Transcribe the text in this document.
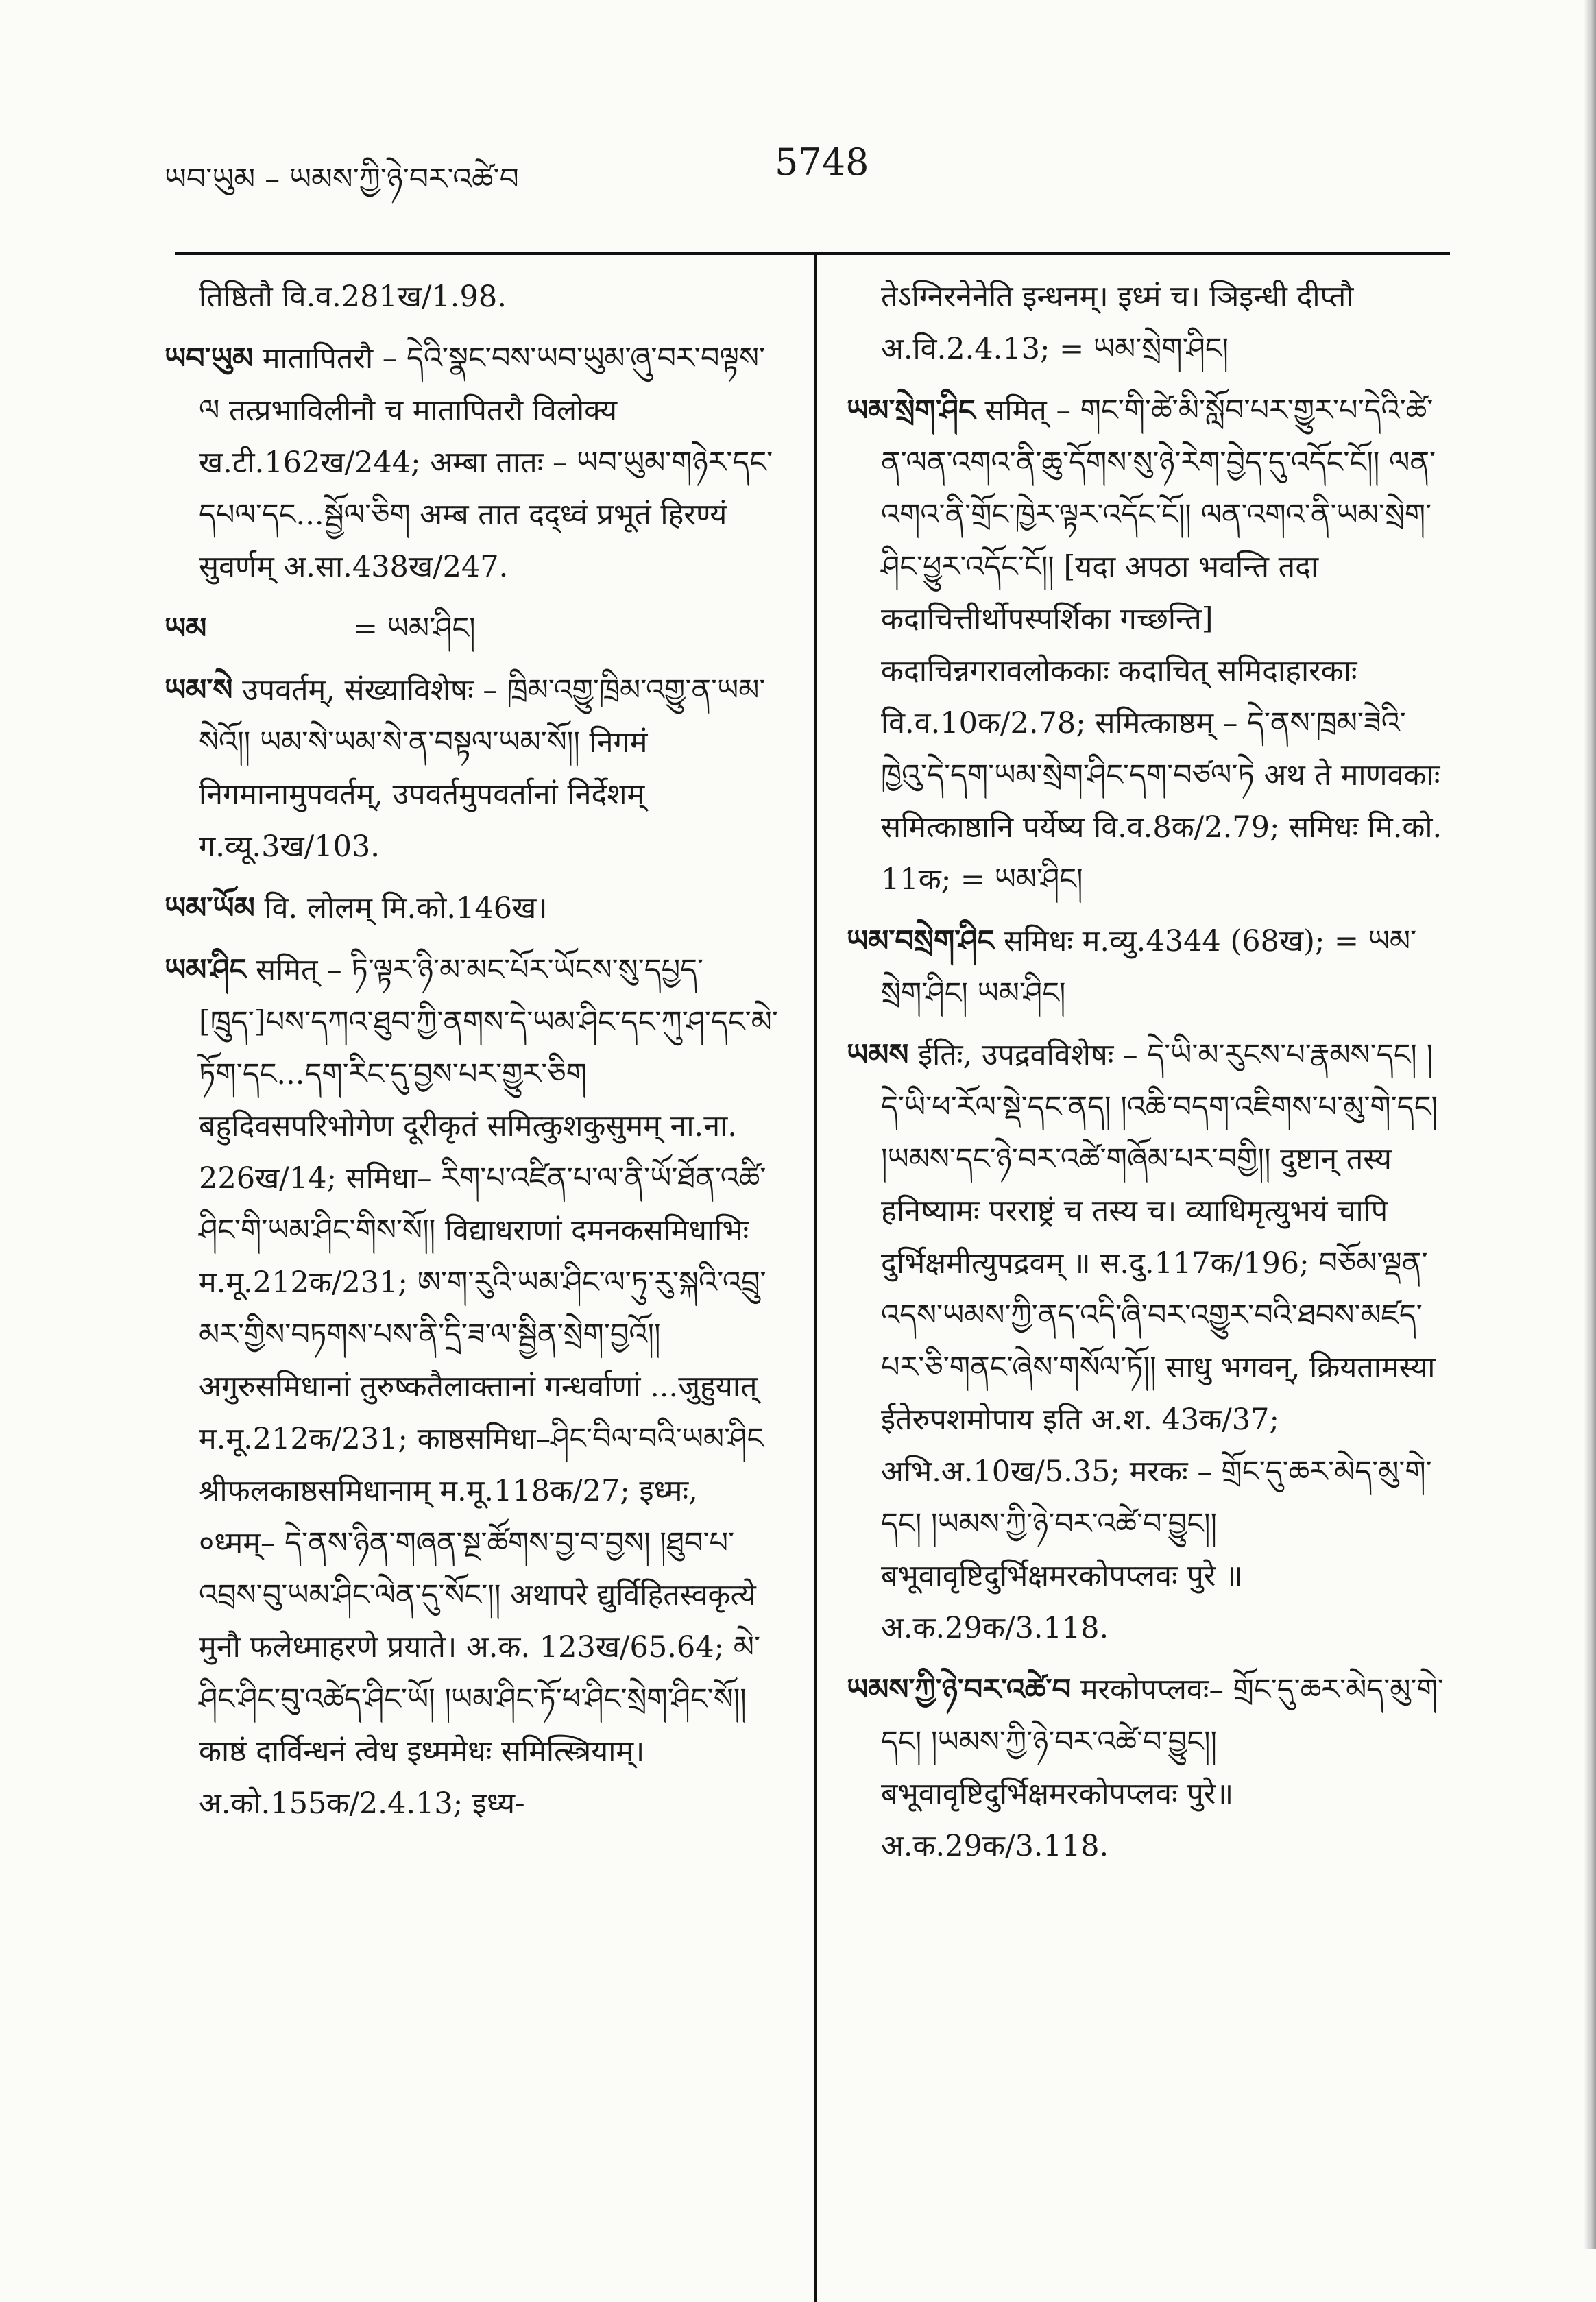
ཡབ་ཡུམ – ཡམས་ཀྱི་ཉེ་བར་འཚེ་བ	5748
तिष्ठितौ वि.व.281ख/1.98.
ཡབ་ཡུམ मातापितरौ – དེའི་སྣང་བས་ཡབ་ཡུམ་ཞུ་བར་བལྟས་ལ तत्प्रभाविलीनौ च मातापितरौ विलोक्य ख.टी.162ख/244; अम्बा तातः – ཡབ་ཡུམ་གཉེར་དང་དཔལ་དང...སྦྱོལ་ཅིག अम्ब तात दद्ध्वं प्रभूतं हिरण्यं सुवर्णम् अ.सा.438ख/247.
ཡམ	= ཡམ་ཤིང།
ཡམ་སེ उपवर्तम्, संख्याविशेषः – ཁྲིམ་འགྱུ་ཁྲིམ་འགྱུ་ན་ཡམ་སེའོ།། ཡམ་སེ་ཡམ་སེ་ན་བསྟལ་ཡམ་སོ།། निगमं निगमानामुपवर्तम्, उपवर्तमुपवर्तानां निर्देशम् ग.व्यू.3ख/103.
ཡམ་ཡོམ वि. लोलम् मि.को.146ख।
ཡམ་ཤིང समित् – ཏི་ལྟར་ཉི་མ་མང་པོར་ཡོངས་སུ་དཔྱད་[ཁྲུད་]པས་དཀའ་ཐུབ་ཀྱི་ནགས་དེ་ཡམ་ཤིང་དང་ཀུ་ཤ་དང་མེ་ཏོག་དང...དག་རིང་དུ་བྱས་པར་གྱུར་ཅིག बहुदिवसपरिभोगेण दूरीकृतं समित्कुशकुसुमम् ना.ना. 226ख/14; समिधा– རིག་པ་འཛིན་པ་ལ་ནི་ཡོ་ཐོན་འཚི་ཤིང་གི་ཡམ་ཤིང་གིས་སོ།། विद्याधराणां दमनकसमिधाभिः म.मू.212क/231; ཨ་ག་རུའི་ཡམ་ཤིང་ལ་ཏུ་རུ་སྐའི་འབྲུ་མར་གྱིས་བཏགས་པས་ནི་དྲི་ཟ་ལ་སྦྱིན་སྲེག་བྱའོ།། अगुरुसमिधानां तुरुष्कतैलाक्तानां गन्धर्वाणां ...जुहुयात् म.मू.212क/231; काष्ठसमिधा–ཤིང་བིལ་བའི་ཡམ་ཤིང श्रीफलकाष्ठसमिधानाम् म.मू.118क/27; इध्मः, ०ध्मम्– དེ་ནས་ཉིན་གཞན་སྔ་ཚོགས་བྱ་བ་བྱས། །ཐུབ་པ་འབྲས་བུ་ཡམ་ཤིང་ལེན་དུ་སོང་།། अथापरे द्युर्विहितस्वकृत्ये मुनौ फलेध्माहरणे प्रयाते। अ.क. 123ख/65.64; མེ་ཤིང་ཤིང་བུ་འཚེད་ཤིང་ཡོ། །ཡམ་ཤིང་ཏོ་ཕ་ཤིང་སྲེག་ཤིང་སོ།། काष्ठं दार्विन्धनं त्वेध इध्ममेधः समित्स्त्रियाम्। अ.को.155क/2.4.13; इध्य-
तेऽग्निरनेनेति इन्धनम्। इध्मं च। ञिइन्धी दीप्तौ अ.वि.2.4.13; = ཡམ་སྲེག་ཤིང།
ཡམ་སྲེག་ཤིང समित् – གང་གི་ཚེ་མི་སློབ་པར་གྱུར་པ་དེའི་ཚེ་ན་ལན་འགའ་ནི་ཆུ་དོགས་སུ་ཉེ་རེག་བྱེད་དུ་འདོང་ངོ།། ལན་འགའ་ནི་གྲོང་ཁྱེར་ལྟར་འདོང་ངོ།། ལན་འགའ་ནི་ཡམ་སྲེག་ཤིང་ཕྱུར་འདོང་ངོ།། [यदा अपठा भवन्ति तदा कदाचित्तीर्थोपस्पर्शिका गच्छन्ति] कदाचिन्नगरावलोककाः कदाचित् समिदाहारकाः वि.व.10क/2.78; समित्काष्ठम् – དེ་ནས་ཁྲམ་ཟེའི་ཁྱེའུ་དེ་དག་ཡམ་སྲེག་ཤིང་དག་བཙལ་ཏེ अथ ते माणवकाः समित्काष्ठानि पर्येष्य वि.व.8क/2.79; समिधः मि.को. 11क; = ཡམ་ཤིང།
ཡམ་བསྲེག་ཤིང समिधः म.व्यु.4344 (68ख); = ཡམ་སྲེག་ཤིང། ཡམ་ཤིང།
ཡམས ईतिः, उपद्रवविशेषः – དེ་ཡི་མ་རུངས་པ་རྣམས་དང། །དེ་ཡི་ཕ་རོལ་སྡེ་དང་ནད། །འཆི་བདག་འཇིགས་པ་མུ་གེ་དང། །ཡམས་དང་ཉེ་བར་འཚེ་གཞོམ་པར་བགྱི།། दुष्टान् तस्य हनिष्यामः परराष्ट्रं च तस्य च। व्याधिमृत्युभयं चापि दुर्भिक्षमीत्युपद्रवम् ॥ स.दु.117क/196; བཅོམ་ལྡན་འདས་ཡམས་ཀྱི་ནད་འདི་ཞི་བར་འགྱུར་བའི་ཐབས་མཛད་པར་ཅི་གནང་ཞེས་གསོལ་ཏོ།། साधु भगवन्, क्रियतामस्या ईतेरुपशमोपाय इति अ.श. 43क/37; अभि.अ.10ख/5.35; मरकः – གྲོང་དུ་ཆར་མེད་མུ་གེ་དང། །ཡམས་ཀྱི་ཉེ་བར་འཚེ་བ་བྱུང།། बभूवावृष्टिदुर्भिक्षमरकोपप्लवः पुरे ॥ अ.क.29क/3.118.
ཡམས་ཀྱི་ཉེ་བར་འཚེ་བ मरकोपप्लवः– གྲོང་དུ་ཆར་མེད་མུ་གེ་དང། །ཡམས་ཀྱི་ཉེ་བར་འཚེ་བ་བྱུང།། बभूवावृष्टिदुर्भिक्षमरकोपप्लवः पुरे॥ अ.क.29क/3.118.
